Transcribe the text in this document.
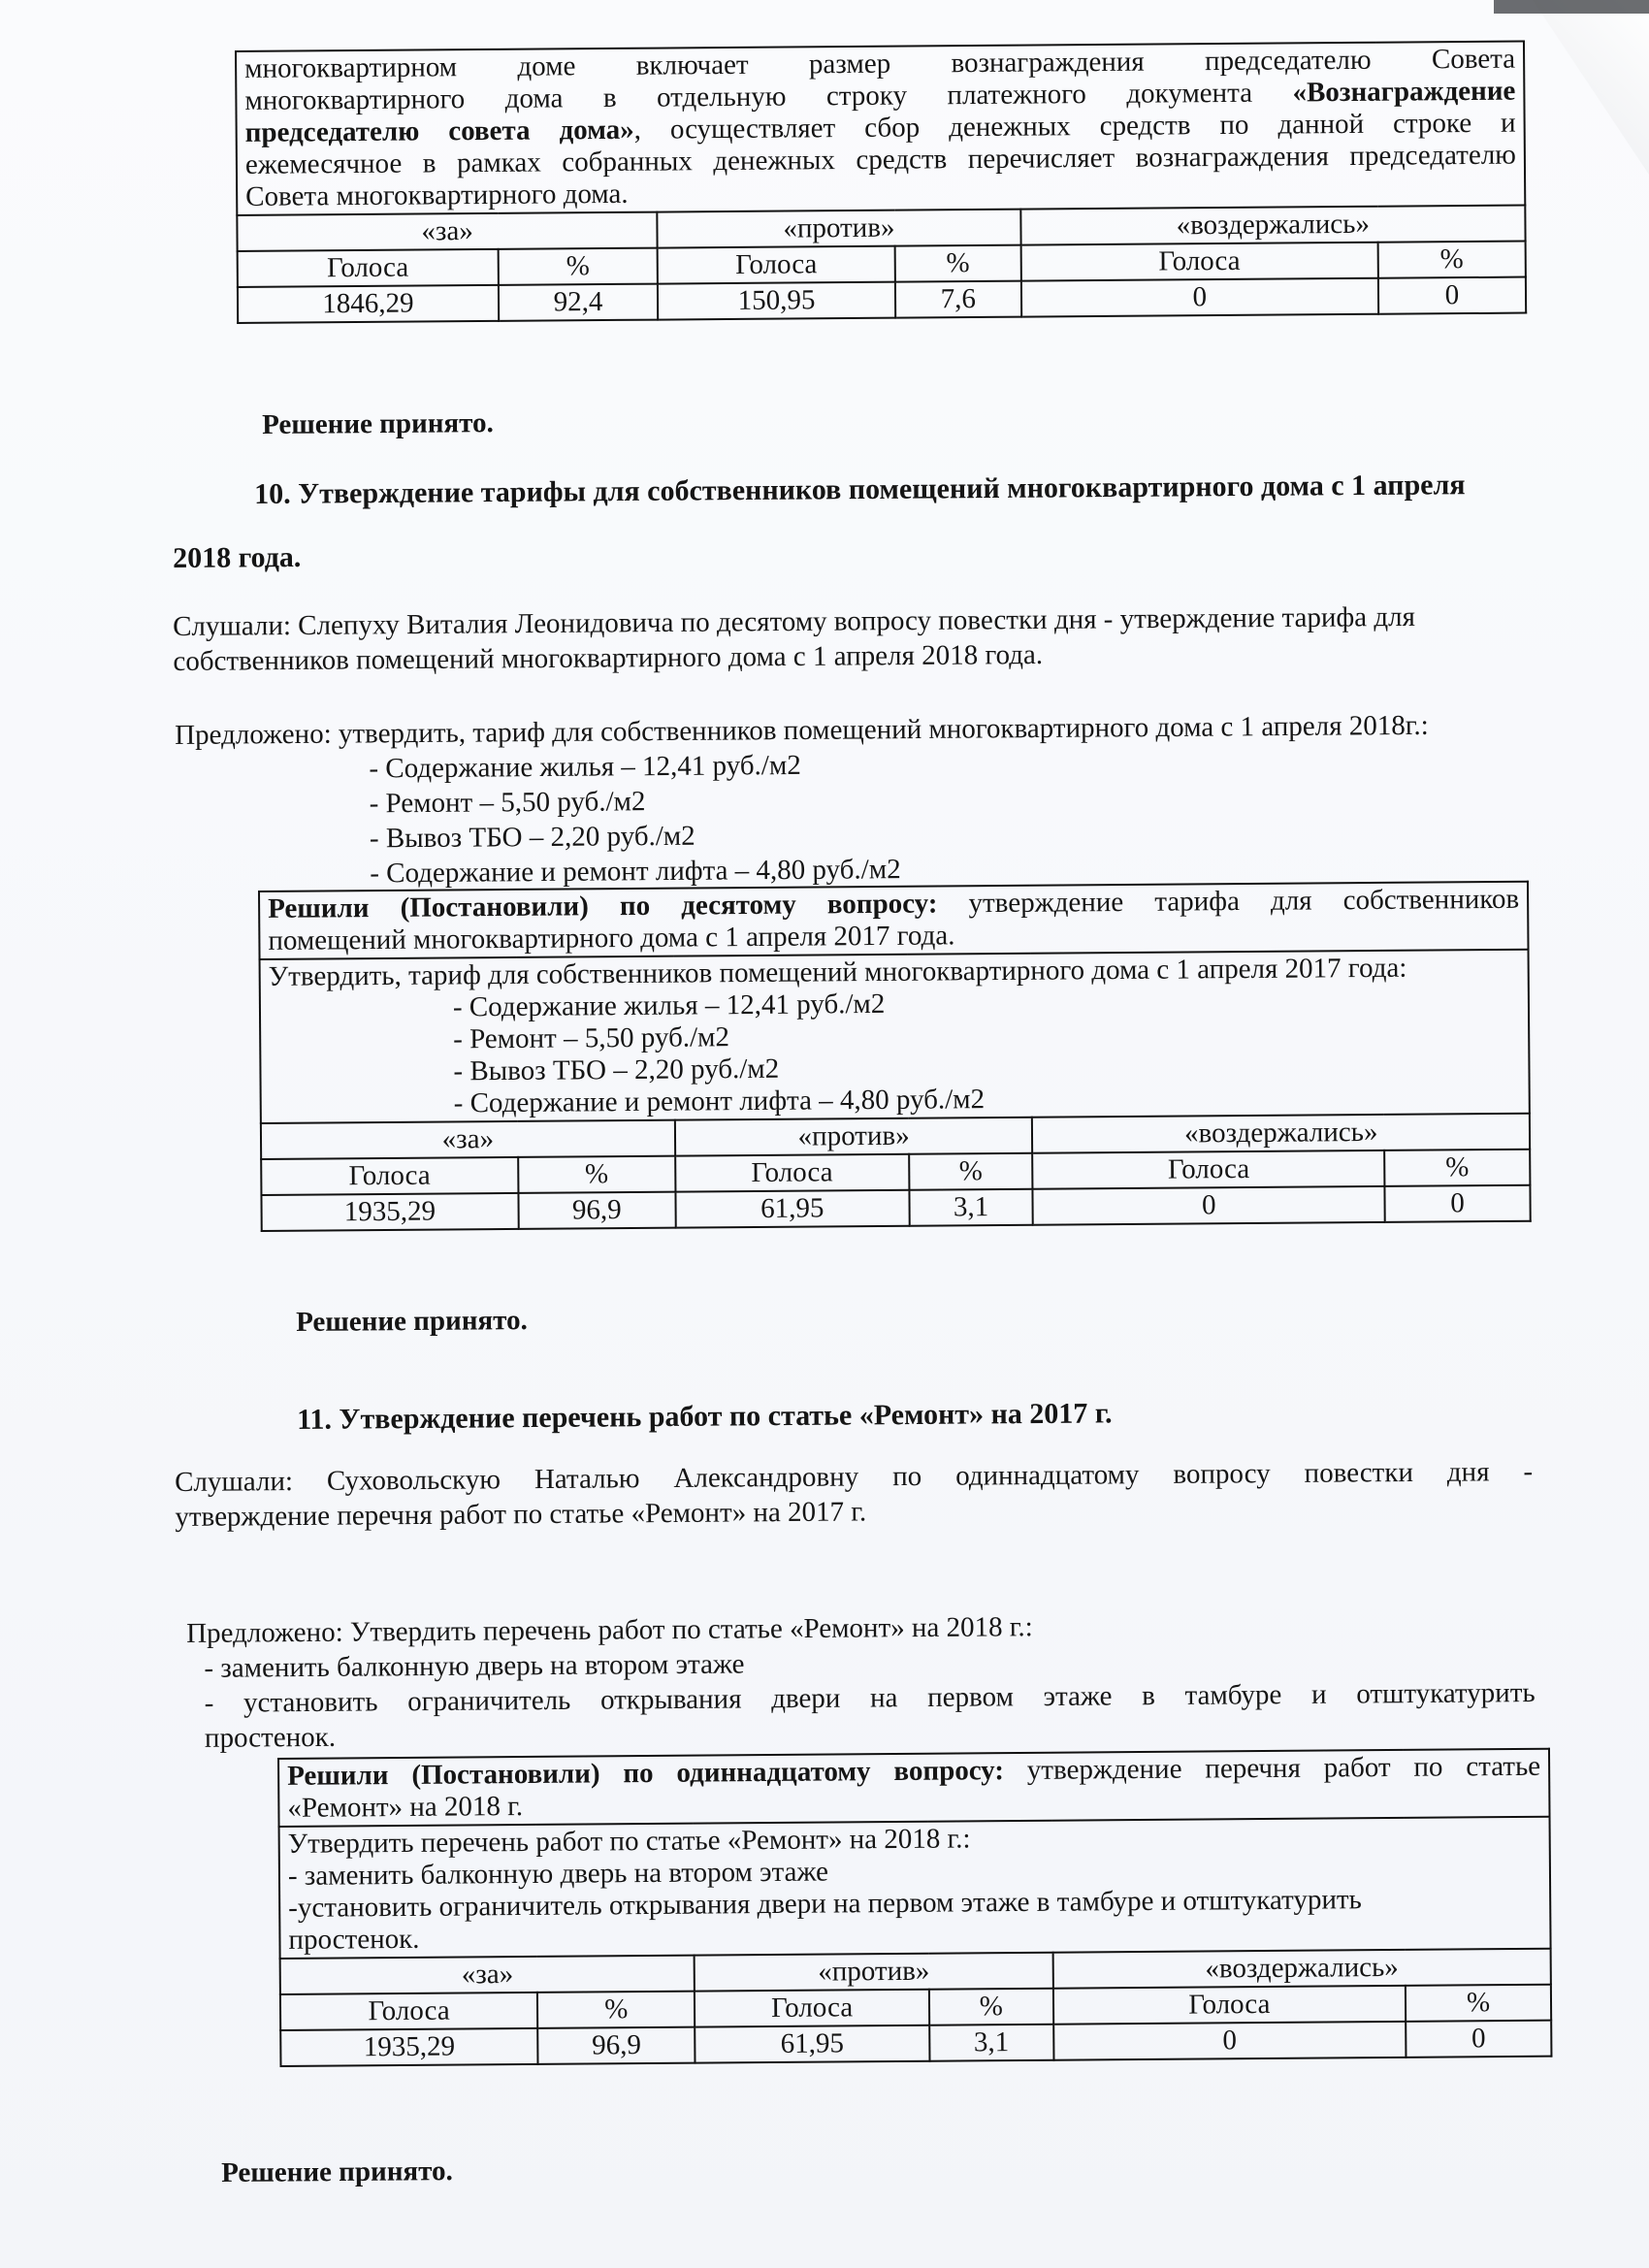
многоквартирном доме включает размер вознаграждения председателю Совета

многоквартирного дома в отдельную строку платежного документа «Вознаграждение

председателю совета дома», осуществляет сбор денежных средств по данной строке и

ежемесячное в рамках собранных денежных средств перечисляет вознаграждения председателю

Совета многоквартирного дома.					

«за»		«против»		«воздержались»	
Голоса	%	Голоса	%	Голоса	%
1846,29	92,4	150,95	7,6	0	0
Решение принято.
10. Утверждение тарифы для собственников помещений многоквартирного дома с 1 апреля
2018 года.

Слушали: Слепуху Виталия Леонидовича по десятому вопросу повестки дня - утверждение тарифа для

собственников помещений многоквартирного дома с 1 апреля 2018 года.

Предложено: утвердить, тариф для собственников помещений многоквартирного дома с 1 апреля 2018г.:

- Содержание жилья – 12,41 руб./м2

- Ремонт – 5,50 руб./м2

- Вывоз ТБО – 2,20 руб./м2

- Содержание и ремонт лифта – 4,80 руб./м2

Решили (Постановили) по десятому вопросу: утверждение тарифа для собственников

помещений многоквартирного дома с 1 апреля 2017 года.					

Утвердить, тариф для собственников помещений многоквартирного дома с 1 апреля 2017 года:

- Содержание жилья – 12,41 руб./м2

- Ремонт – 5,50 руб./м2

- Вывоз ТБО – 2,20 руб./м2

- Содержание и ремонт лифта – 4,80 руб./м2					

«за»		«против»		«воздержались»	
Голоса	%	Голоса	%	Голоса	%
1935,29	96,9	61,95	3,1	0	0
Решение принято.
11. Утверждение перечень работ по статье «Ремонт» на 2017 г.

Слушали: Суховольскую Наталью Александровну по одиннадцатому вопросу повестки дня -

утверждение перечня работ по статье «Ремонт» на 2017 г.

Предложено: Утвердить перечень работ по статье «Ремонт» на 2018 г.:

- заменить балконную дверь на втором этаже

- установить ограничитель открывания двери на первом этаже в тамбуре и отштукатурить

простенок.

Решили (Постановили) по одиннадцатому вопросу: утверждение перечня работ по статье

«Ремонт» на 2018 г.					

Утвердить перечень работ по статье «Ремонт» на 2018 г.:

- заменить балконную дверь на втором этаже

-установить ограничитель открывания двери на первом этаже в тамбуре и отштукатурить

простенок.					

«за»		«против»		«воздержались»	
Голоса	%	Голоса	%	Голоса	%
1935,29	96,9	61,95	3,1	0	0
Решение принято.
